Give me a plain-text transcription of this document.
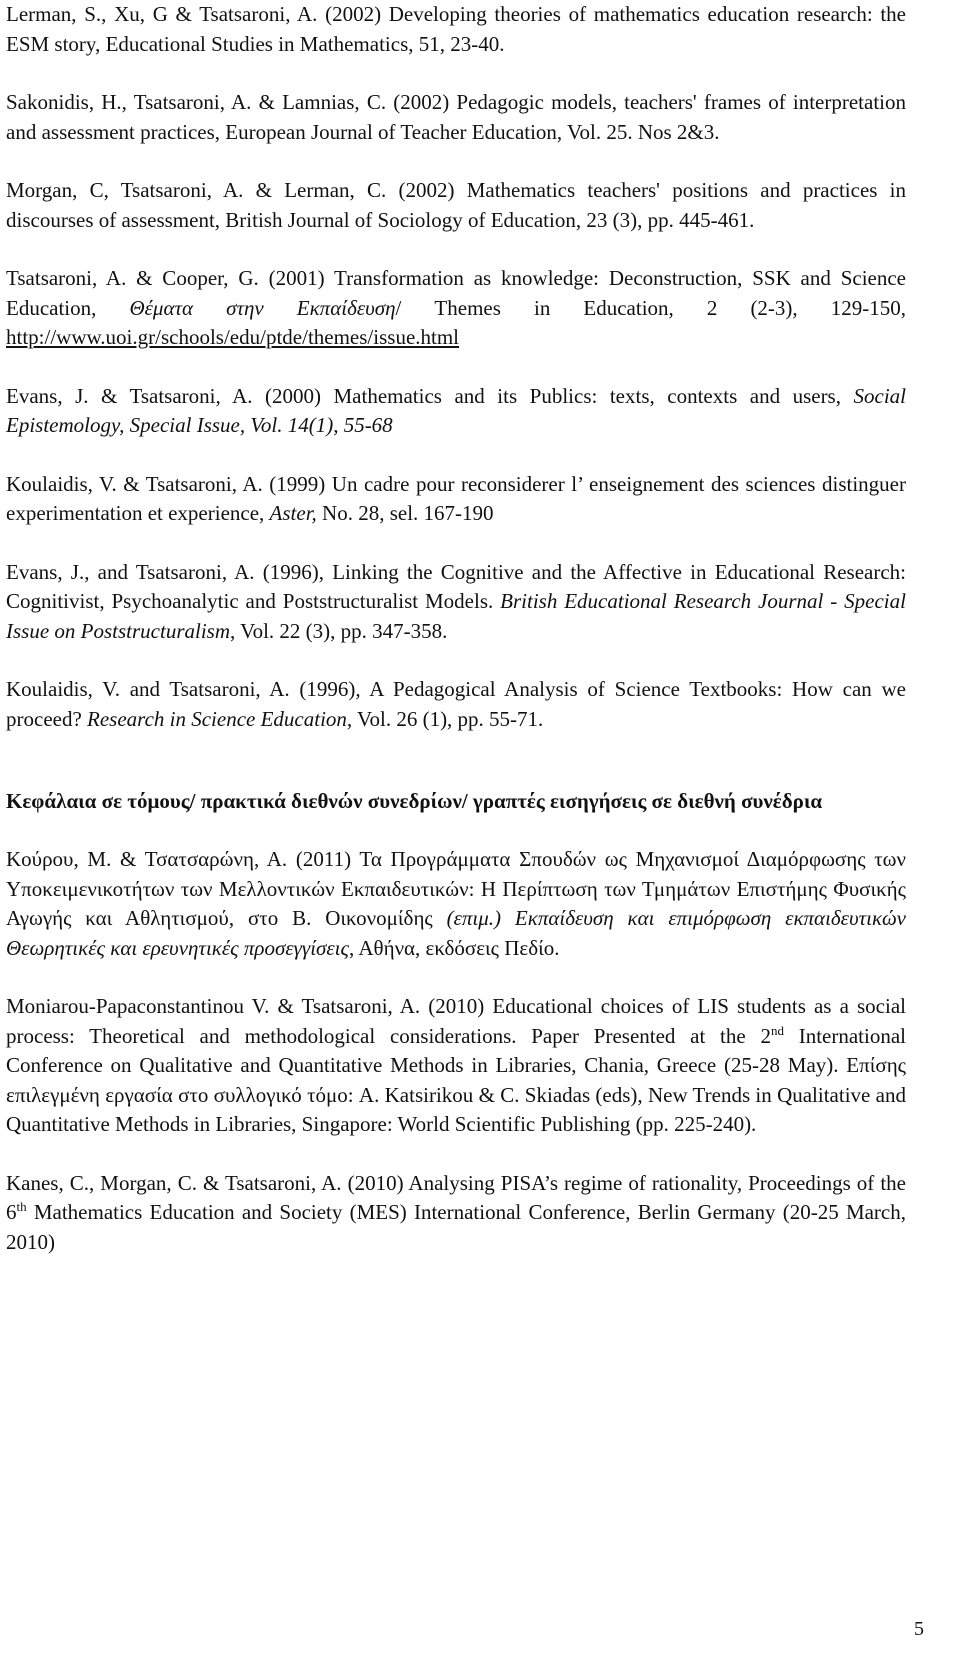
Lerman, S., Xu, G & Tsatsaroni, A. (2002) Developing theories of mathematics education research: the ESM story, Educational Studies in Mathematics, 51, 23-40.

Sakonidis, H., Tsatsaroni, A. & Lamnias, C. (2002) Pedagogic models, teachers' frames of interpretation and assessment practices, European Journal of Teacher Education, Vol. 25. Nos 2&3.

Morgan, C, Tsatsaroni, A. & Lerman, C. (2002) Mathematics teachers' positions and practices in discourses of assessment, British Journal of Sociology of Education, 23 (3), pp. 445-461.

Tsatsaroni, A. & Cooper, G. (2001) Transformation as knowledge: Deconstruction, SSK and Science Education, Θέματα στην Εκπαίδευση/ Themes in Education, 2 (2-3), 129-150, http://www.uoi.gr/schools/edu/ptde/themes/issue.html

Evans, J. & Tsatsaroni, A. (2000) Mathematics and its Publics: texts, contexts and users, Social Epistemology, Special Issue, Vol. 14(1), 55-68

Koulaidis, V. & Tsatsaroni, A. (1999) Un cadre pour reconsiderer l’ enseignement des sciences distinguer experimentation et experience, Aster, No. 28, sel. 167-190

Evans, J., and Tsatsaroni, A. (1996), Linking the Cognitive and the Affective in Educational Research: Cognitivist, Psychoanalytic and Poststructuralist Models. British Educational Research Journal - Special Issue on Poststructuralism, Vol. 22 (3), pp. 347-358.

Koulaidis, V. and Tsatsaroni, A. (1996), A Pedagogical Analysis of Science Textbooks: How can we proceed? Research in Science Education, Vol. 26 (1), pp. 55-71.

Κεφάλαια σε τόμους/ πρακτικά διεθνών συνεδρίων/ γραπτές εισηγήσεις σε διεθνή συνέδρια

Κούρου, Μ. & Τσατσαρώνη, Α. (2011) Τα Προγράμματα Σπουδών ως Μηχανισμοί Διαμόρφωσης των Υποκειμενικοτήτων των Μελλοντικών Εκπαιδευτικών: Η Περίπτωση των Τμημάτων Επιστήμης Φυσικής Αγωγής και Αθλητισμού, στο Β. Οικονομίδης (επιμ.) Εκπαίδευση και επιμόρφωση εκπαιδευτικών Θεωρητικές και ερευνητικές προσεγγίσεις, Αθήνα, εκδόσεις Πεδίο.

Moniarou-Papaconstantinou V. & Tsatsaroni, A. (2010) Educational choices of LIS students as a social process: Theoretical and methodological considerations. Paper Presented at the 2nd International Conference on Qualitative and Quantitative Methods in Libraries, Chania, Greece (25-28 May). Επίσης επιλεγμένη εργασία στο συλλογικό τόμο: A. Katsirikou & C. Skiadas (eds), New Trends in Qualitative and Quantitative Methods in Libraries, Singapore: World Scientific Publishing (pp. 225-240).

Kanes, C., Morgan, C. & Tsatsaroni, A. (2010) Analysing PISA’s regime of rationality, Proceedings of the 6th Mathematics Education and Society (MES) International Conference, Berlin Germany (20-25 March, 2010)

5
